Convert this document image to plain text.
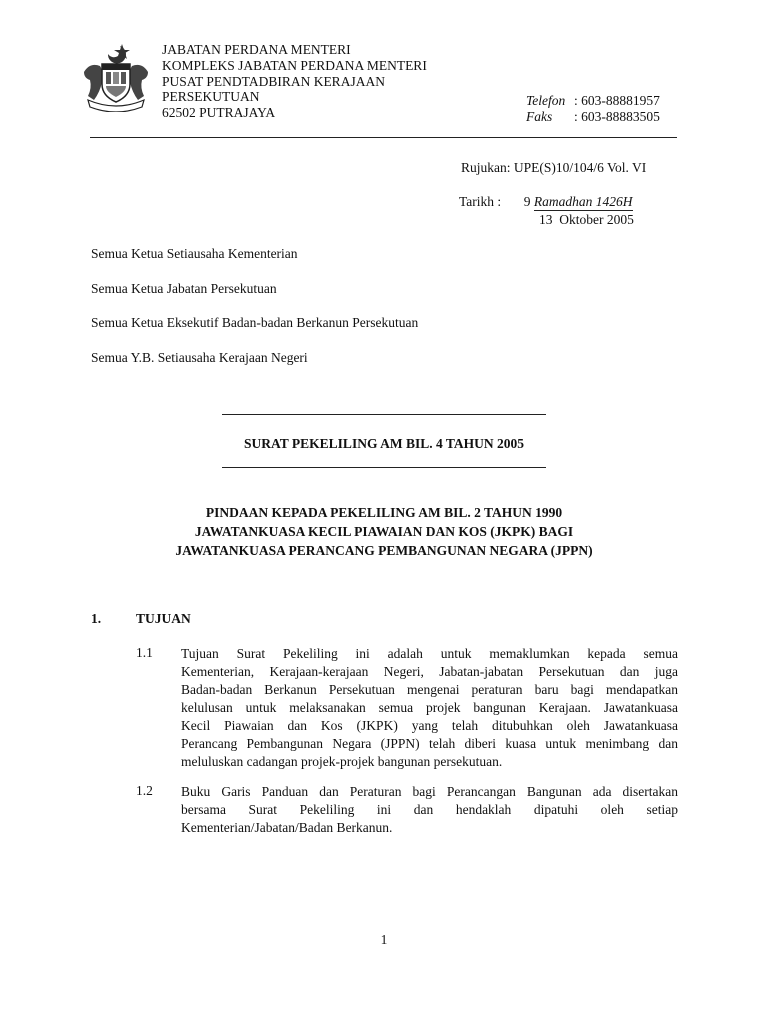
JABATAN PERDANA MENTERI
KOMPLEKS JABATAN PERDANA MENTERI
PUSAT PENDTADBIRAN KERAJAAN
PERSEKUTUAN
62502 PUTRAJAYA
Telefon : 603-88881957
Faks : 603-88883505
Rujukan: UPE(S)10/104/6 Vol. VI
Tarikh : 9 Ramadhan 1426H
13 Oktober 2005
Semua Ketua Setiausaha Kementerian
Semua Ketua Jabatan Persekutuan
Semua Ketua Eksekutif Badan-badan Berkanun Persekutuan
Semua Y.B. Setiausaha Kerajaan Negeri
SURAT PEKELILING AM BIL. 4 TAHUN 2005
PINDAAN KEPADA PEKELILING AM BIL. 2 TAHUN 1990
JAWATANKUASA KECIL PIAWAIAN DAN KOS (JKPK) BAGI
JAWATANKUASA PERANCANG PEMBANGUNAN NEGARA (JPPN)
1.	TUJUAN
1.1 Tujuan Surat Pekeliling ini adalah untuk memaklumkan kepada semua
Kementerian, Kerajaan-kerajaan Negeri, Jabatan-jabatan Persekutuan dan juga
Badan-badan Berkanun Persekutuan mengenai peraturan baru bagi mendapatkan
kelulusan untuk melaksanakan semua projek bangunan Kerajaan. Jawatankuasa
Kecil Piawaian dan Kos (JKPK) yang telah ditubuhkan oleh Jawatankuasa
Perancang Pembangunan Negara (JPPN) telah diberi kuasa untuk menimbang dan
meluluskan cadangan projek-projek bangunan persekutuan.
1.2 Buku Garis Panduan dan Peraturan bagi Perancangan Bangunan ada disertakan
bersama Surat Pekeliling ini dan hendaklah dipatuhi oleh setiap
Kementerian/Jabatan/Badan Berkanun.
1
